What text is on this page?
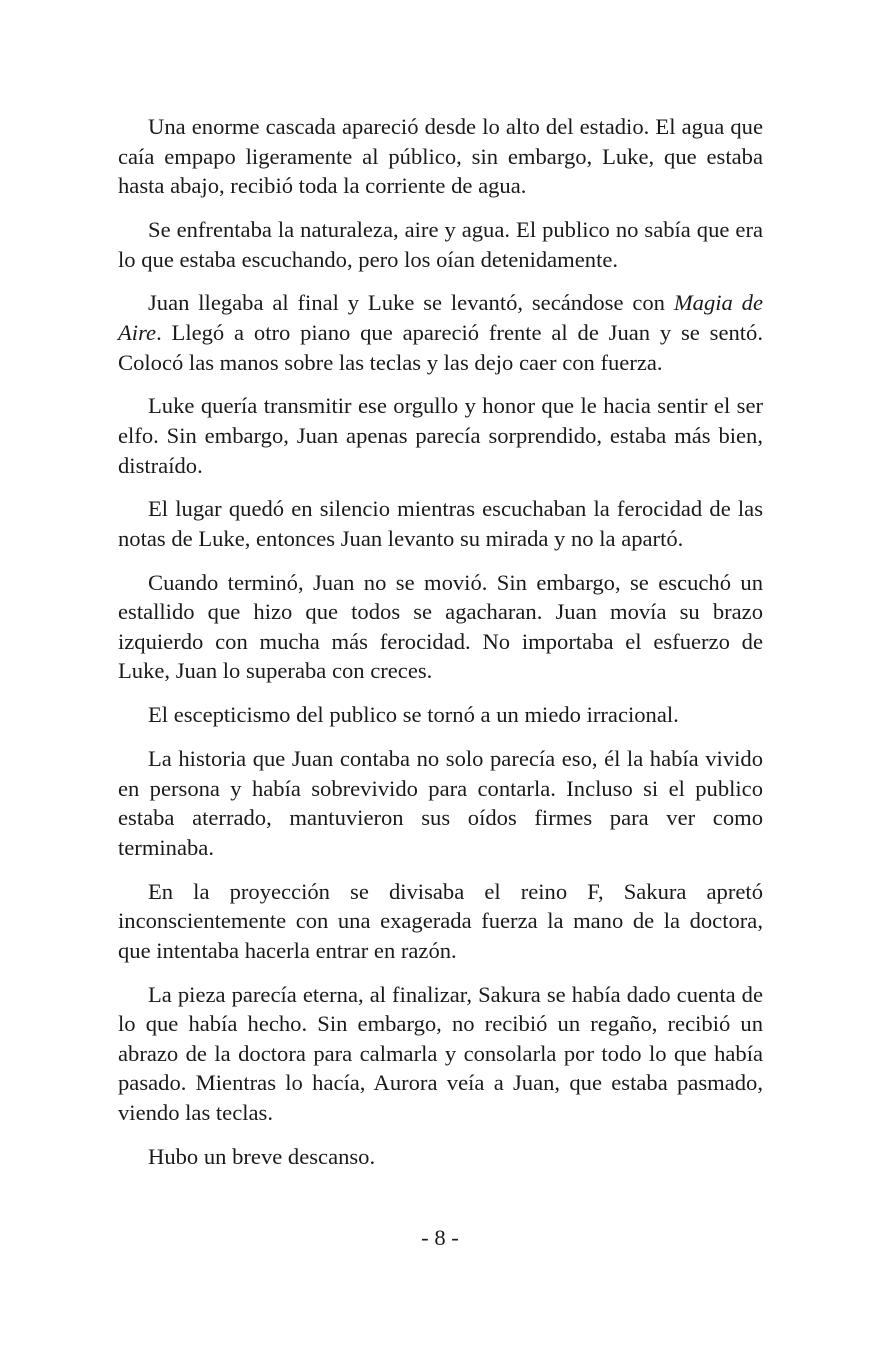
Una enorme cascada apareció desde lo alto del estadio. El agua que caía empapo ligeramente al público, sin embargo, Luke, que estaba hasta abajo, recibió toda la corriente de agua.

Se enfrentaba la naturaleza, aire y agua. El publico no sabía que era lo que estaba escuchando, pero los oían detenidamente.

Juan llegaba al final y Luke se levantó, secándose con Magia de Aire. Llegó a otro piano que apareció frente al de Juan y se sentó. Colocó las manos sobre las teclas y las dejo caer con fuerza.

Luke quería transmitir ese orgullo y honor que le hacia sentir el ser elfo. Sin embargo, Juan apenas parecía sorprendido, estaba más bien, distraído.

El lugar quedó en silencio mientras escuchaban la ferocidad de las notas de Luke, entonces Juan levanto su mirada y no la apartó.

Cuando terminó, Juan no se movió. Sin embargo, se escuchó un estallido que hizo que todos se agacharan. Juan movía su brazo izquierdo con mucha más ferocidad. No importaba el esfuerzo de Luke, Juan lo superaba con creces.

El escepticismo del publico se tornó a un miedo irracional.

La historia que Juan contaba no solo parecía eso, él la había vivido en persona y había sobrevivido para contarla. Incluso si el publico estaba aterrado, mantuvieron sus oídos firmes para ver como terminaba.

En la proyección se divisaba el reino F, Sakura apretó inconscientemente con una exagerada fuerza la mano de la doctora, que intentaba hacerla entrar en razón.

La pieza parecía eterna, al finalizar, Sakura se había dado cuenta de lo que había hecho. Sin embargo, no recibió un regaño, recibió un abrazo de la doctora para calmarla y consolarla por todo lo que había pasado. Mientras lo hacía, Aurora veía a Juan, que estaba pasmado, viendo las teclas.

Hubo un breve descanso.

- 8 -
